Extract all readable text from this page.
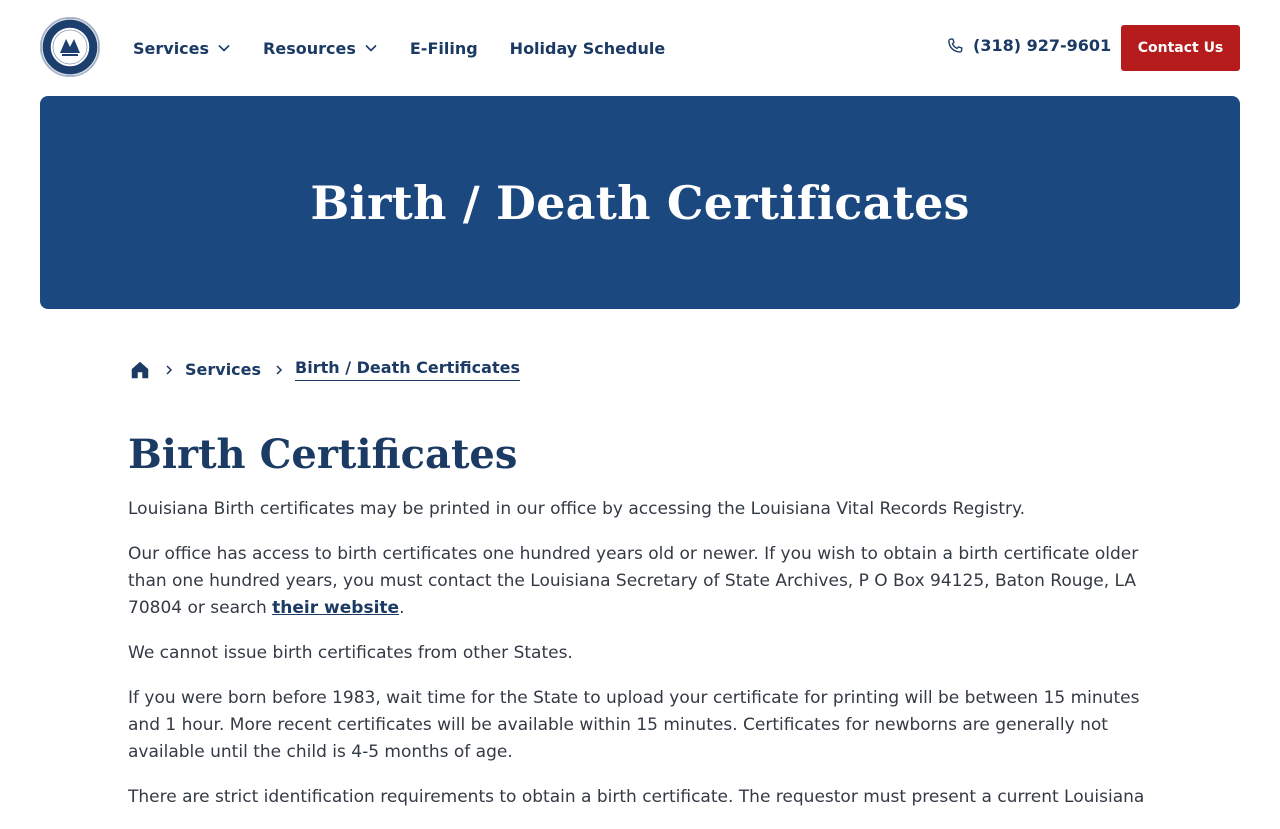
Services	Resources	E-Filing Holiday Schedule	(318) 927-9601	Contact Us
Birth / Death Certificates
Services Birth / Death Certificates
Birth Certificates

Louisiana Birth certificates may be printed in our office by accessing the Louisiana Vital Records Registry.

Our office has access to birth certificates one hundred years old or newer. If you wish to obtain a birth certificate older than one hundred years, you must contact the Louisiana Secretary of State Archives, P O Box 94125, Baton Rouge, LA 70804 or search their website.

We cannot issue birth certificates from other States.

If you were born before 1983, wait time for the State to upload your certificate for printing will be between 15 minutes and 1 hour. More recent certificates will be available within 15 minutes. Certificates for newborns are generally not available until the child is 4-5 months of age.

There are strict identification requirements to obtain a birth certificate. The requestor must present a current Louisiana
